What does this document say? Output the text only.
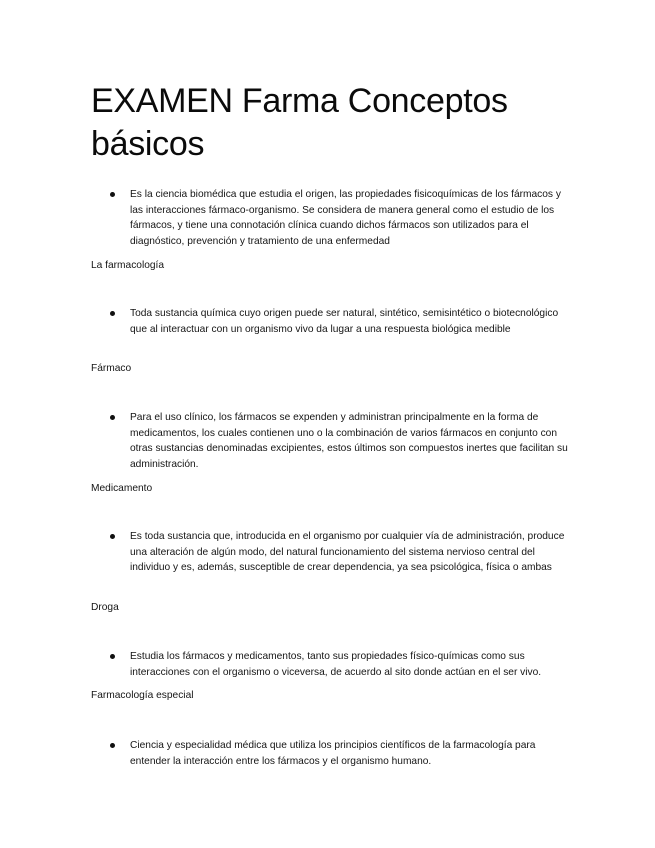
EXAMEN Farma Conceptos básicos
Es la ciencia biomédica que estudia el origen, las propiedades fisicoquímicas de los fármacos y las interacciones fármaco-organismo. Se considera de manera general como el estudio de los fármacos, y tiene una connotación clínica cuando dichos fármacos son utilizados para el diagnóstico, prevención y tratamiento de una enfermedad

La farmacología

Toda sustancia química cuyo origen puede ser natural, sintético, semisintético o biotecnológico que al interactuar con un organismo vivo da lugar a una respuesta biológica medible

Fármaco

Para el uso clínico, los fármacos se expenden y administran principalmente en la forma de medicamentos, los cuales contienen uno o la combinación de varios fármacos en conjunto con otras sustancias denominadas excipientes, estos últimos son compuestos inertes que facilitan su administración.

Medicamento

Es toda sustancia que, introducida en el organismo por cualquier vía de administración, produce una alteración de algún modo, del natural funcionamiento del sistema nervioso central del individuo y es, además, susceptible de crear dependencia, ya sea psicológica, física o ambas

Droga

Estudia los fármacos y medicamentos, tanto sus propiedades físico-químicas como sus interacciones con el organismo o viceversa, de acuerdo al sito donde actúan en el ser vivo.

Farmacología especial

Ciencia y especialidad médica que utiliza los principios científicos de la farmacología para entender la interacción entre los fármacos y el organismo humano.
